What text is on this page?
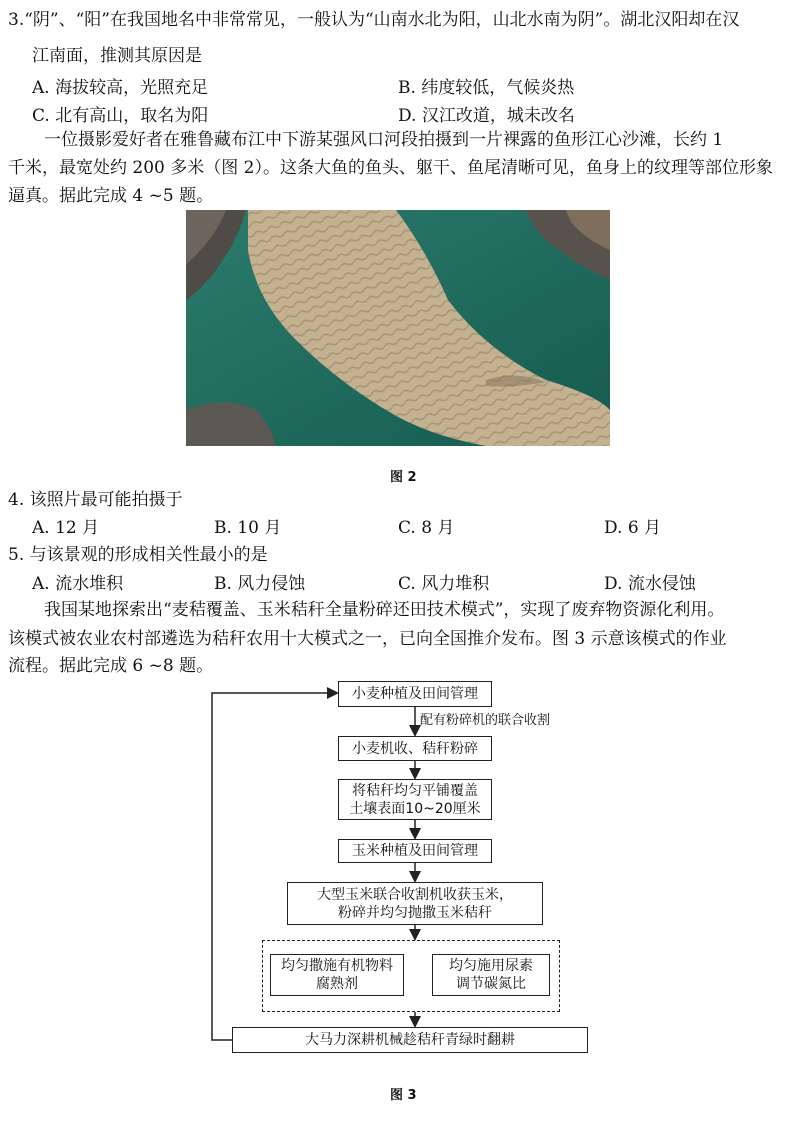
3.“阴”、“阳”在我国地名中非常常见，一般认为“山南水北为阳，山北水南为阴”。湖北汉阳却在汉
江南面，推测其原因是
A. 海拔较高，光照充足	B. 纬度较低，气候炎热
C. 北有高山，取名为阳	D. 汉江改道，城未改名
一位摄影爱好者在雅鲁藏布江中下游某强风口河段拍摄到一片裸露的鱼形江心沙滩，长约 1
千米，最宽处约 200 多米（图 2）。这条大鱼的鱼头、躯干、鱼尾清晰可见，鱼身上的纹理等部位形象
逼真。据此完成 4 ~5 题。
图 2
4. 该照片最可能拍摄于
A. 12 月	B. 10 月	C. 8 月	D. 6 月
5. 与该景观的形成相关性最小的是
A. 流水堆积	B. 风力侵蚀	C. 风力堆积	D. 流水侵蚀
我国某地探索出“麦秸覆盖、玉米秸秆全量粉碎还田技术模式”，实现了废弃物资源化利用。
该模式被农业农村部遴选为秸秆农用十大模式之一，已向全国推介发布。图 3 示意该模式的作业
流程。据此完成 6 ~8 题。
小麦种植及田间管理
配有粉碎机的联合收割
小麦机收、秸秆粉碎
将秸秆均匀平铺覆盖
土壤表面10~20厘米
玉米种植及田间管理
大型玉米联合收割机收获玉米，
粉碎并均匀抛撒玉米秸秆
均匀撒施有机物料
腐熟剂
均匀施用尿素
调节碳氮比
大马力深耕机械趁秸秆青绿时翻耕
图 3
